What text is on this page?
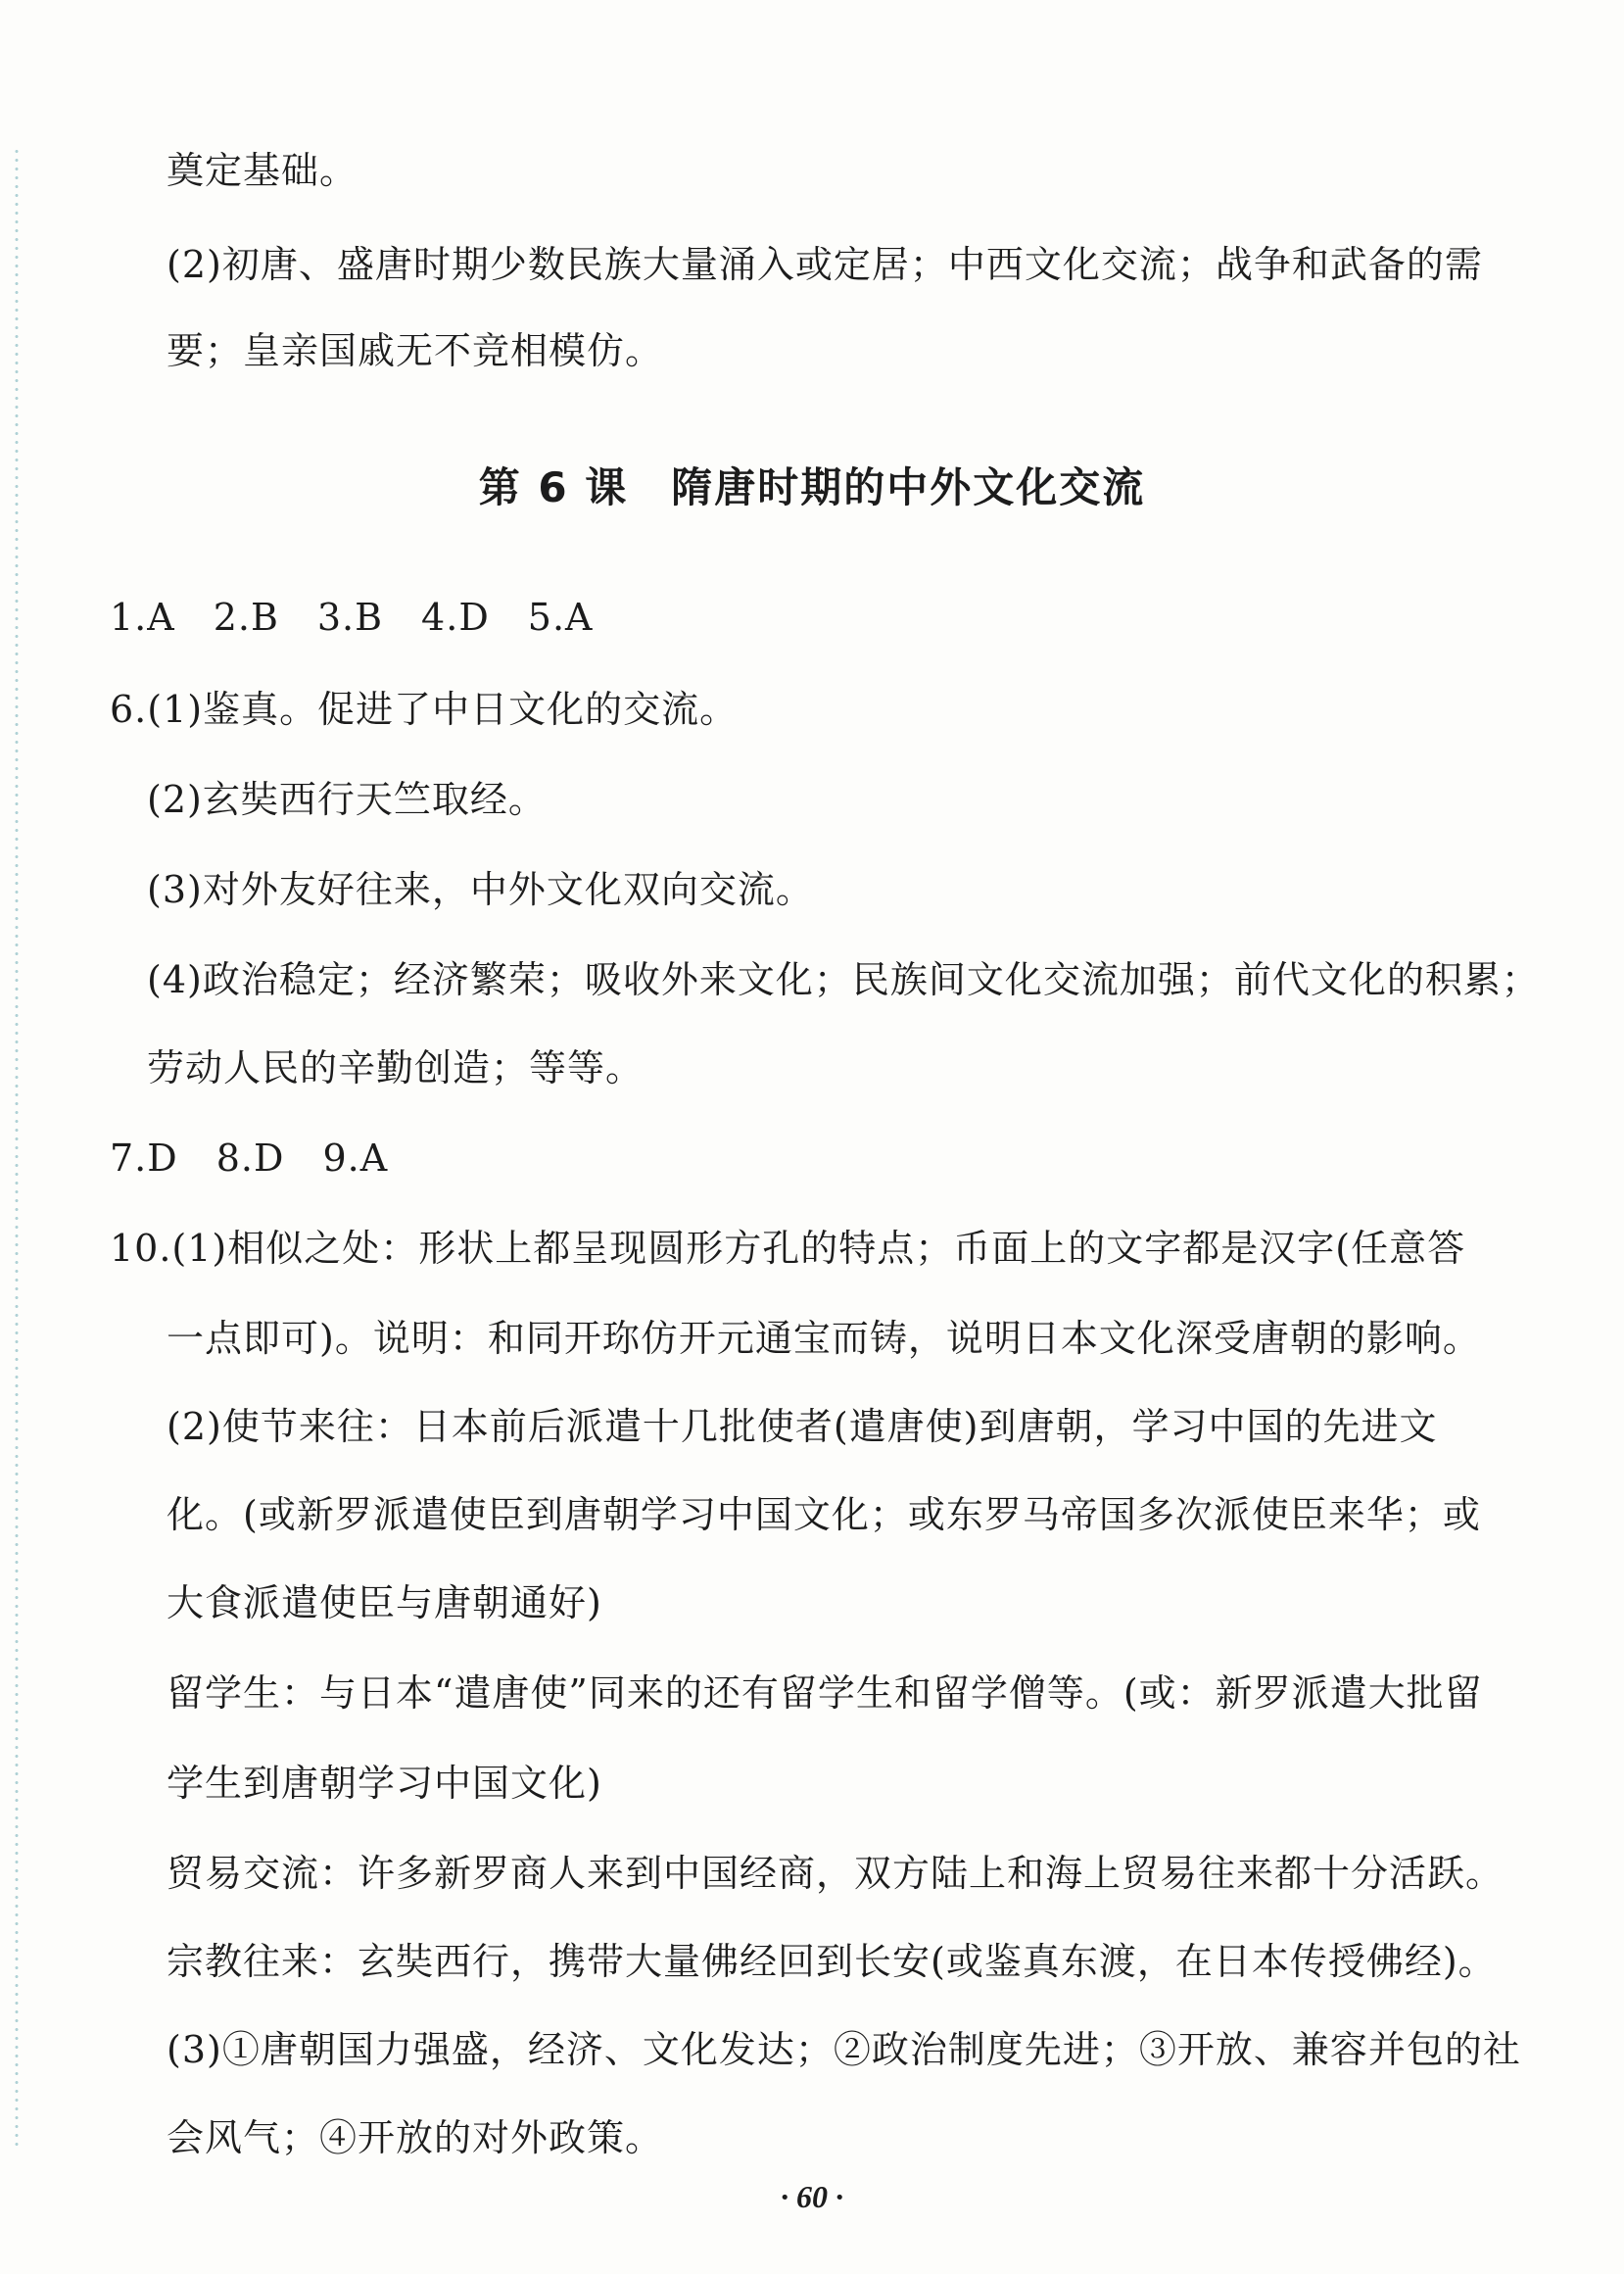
奠定基础。
(2)初唐、盛唐时期少数民族大量涌入或定居；中西文化交流；战争和武备的需
要；皇亲国戚无不竞相模仿。
第 6 课　隋唐时期的中外文化交流
1.A　2.B　3.B　4.D　5.A
6.(1)鉴真。促进了中日文化的交流。
(2)玄奘西行天竺取经。
(3)对外友好往来，中外文化双向交流。
(4)政治稳定；经济繁荣；吸收外来文化；民族间文化交流加强；前代文化的积累；
劳动人民的辛勤创造；等等。
7.D　8.D　9.A
10.(1)相似之处：形状上都呈现圆形方孔的特点；币面上的文字都是汉字(任意答
一点即可)。说明：和同开珎仿开元通宝而铸，说明日本文化深受唐朝的影响。
(2)使节来往：日本前后派遣十几批使者(遣唐使)到唐朝，学习中国的先进文
化。(或新罗派遣使臣到唐朝学习中国文化；或东罗马帝国多次派使臣来华；或
大食派遣使臣与唐朝通好)
留学生：与日本“遣唐使”同来的还有留学生和留学僧等。(或：新罗派遣大批留
学生到唐朝学习中国文化)
贸易交流：许多新罗商人来到中国经商，双方陆上和海上贸易往来都十分活跃。
宗教往来：玄奘西行，携带大量佛经回到长安(或鉴真东渡，在日本传授佛经)。
(3)①唐朝国力强盛，经济、文化发达；②政治制度先进；③开放、兼容并包的社
会风气；④开放的对外政策。
· 60 ·
